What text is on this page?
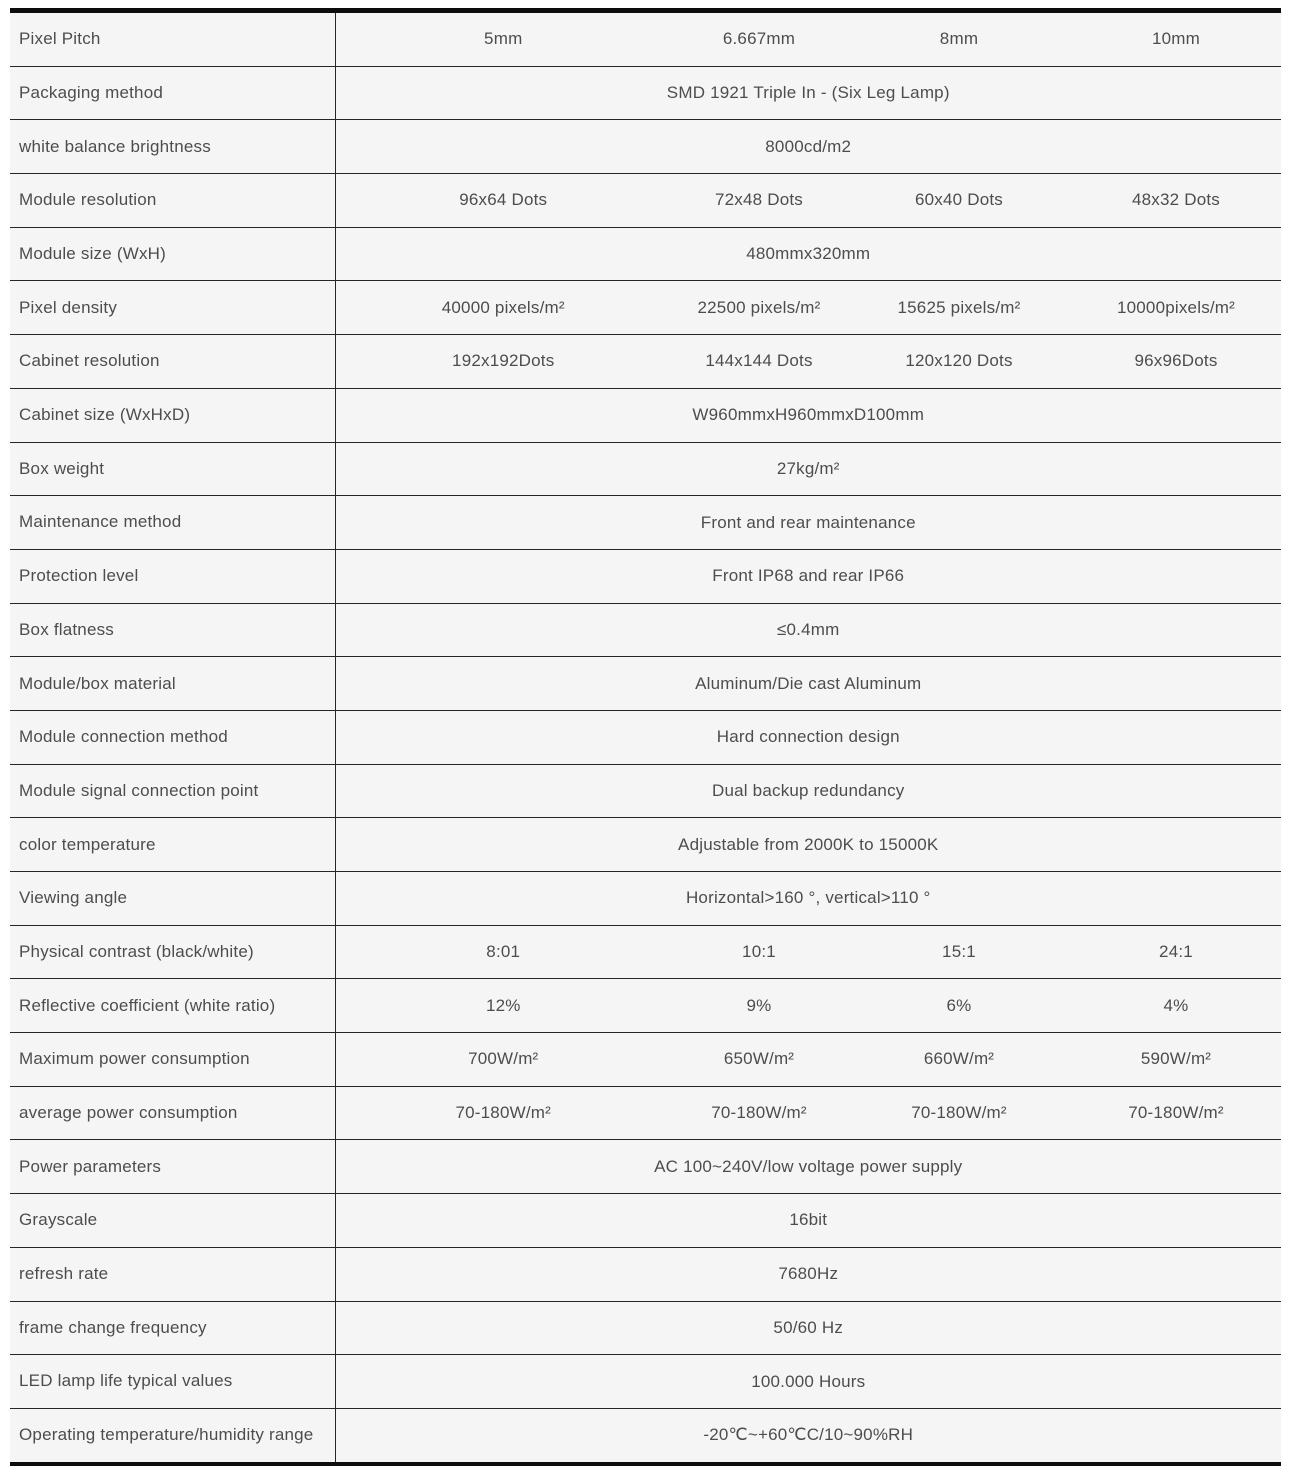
Pixel Pitch	5mm	6.667mm	8mm	10mm
Packaging method	SMD 1921 Triple In - (Six Leg Lamp)			
white balance brightness	8000cd/m2			
Module resolution	96x64 Dots	72x48 Dots	60x40 Dots	48x32 Dots
Module size (WxH)	480mmx320mm			
Pixel density	40000 pixels/m²	22500 pixels/m²	15625 pixels/m²	10000pixels/m²
Cabinet resolution	192x192Dots	144x144 Dots	120x120 Dots	96x96Dots
Cabinet size (WxHxD)	W960mmxH960mmxD100mm			
Box weight	27kg/m²			
Maintenance method	Front and rear maintenance			
Protection level	Front IP68 and rear IP66			
Box flatness	≤0.4mm			
Module/box material	Aluminum/Die cast Aluminum			
Module connection method	Hard connection design			
Module signal connection point	Dual backup redundancy			
color temperature	Adjustable from 2000K to 15000K			
Viewing angle	Horizontal>160 °, vertical>110 °			
Physical contrast (black/white)	8:01	10:1	15:1	24:1
Reflective coefficient (white ratio)	12%	9%	6%	4%
Maximum power consumption	700W/m²	650W/m²	660W/m²	590W/m²
average power consumption	70-180W/m²	70-180W/m²	70-180W/m²	70-180W/m²
Power parameters	AC 100~240V/low voltage power supply			
Grayscale	16bit			
refresh rate	7680Hz			
frame change frequency	50/60 Hz			
LED lamp life typical values	100.000 Hours			
Operating temperature/humidity range	-20℃~+60℃C/10~90%RH			
